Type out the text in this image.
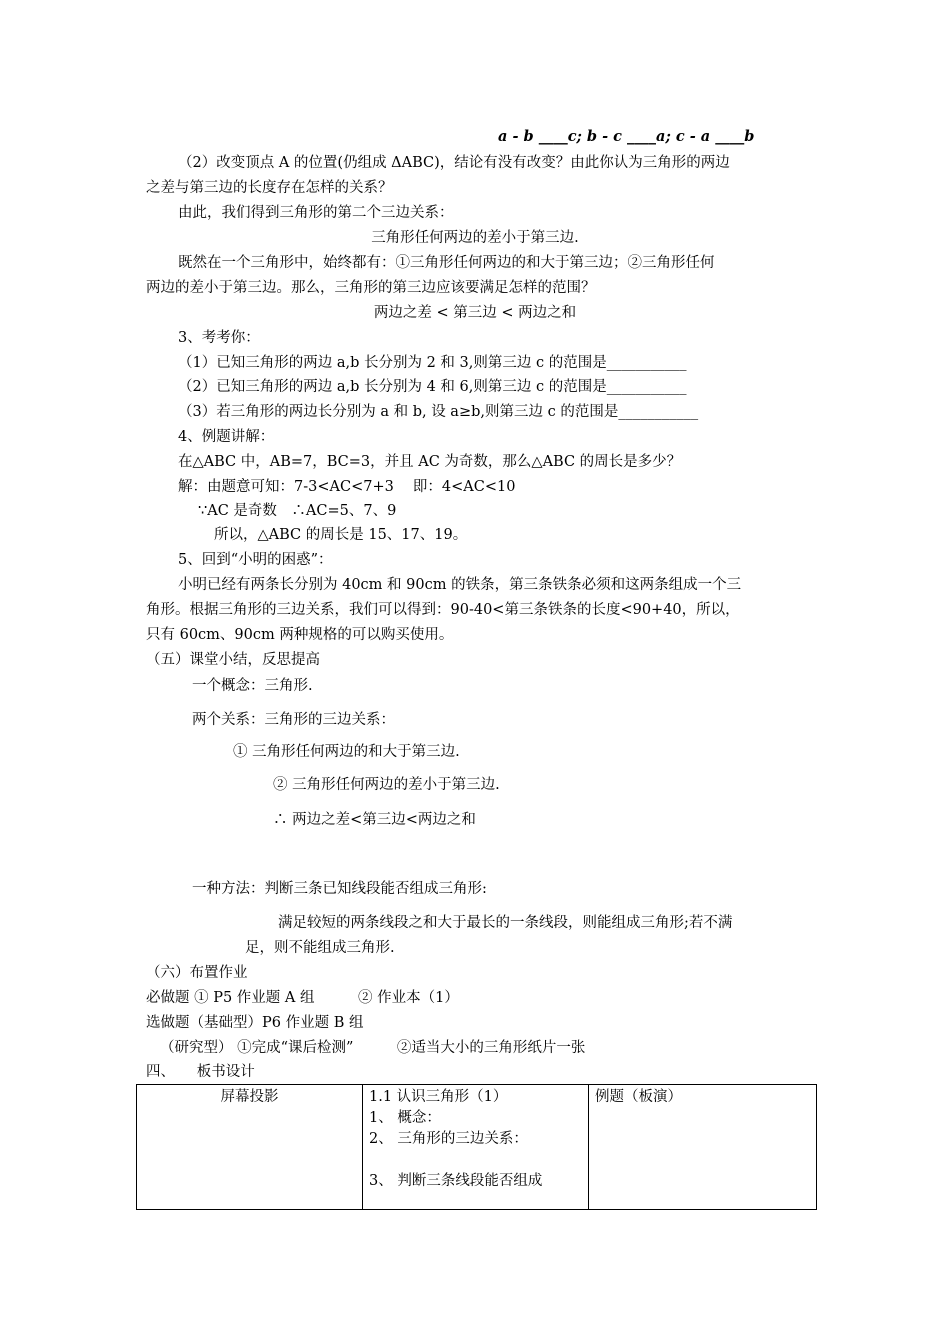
a - b ____c; b - c ____a; c - a ____b
（2）改变顶点 A 的位置(仍组成 ΔABC)，结论有没有改变？由此你认为三角形的两边
之差与第三边的长度存在怎样的关系？
由此，我们得到三角形的第二个三边关系：
三角形任何两边的差小于第三边.
既然在一个三角形中，始终都有：①三角形任何两边的和大于第三边；②三角形任何
两边的差小于第三边。那么，三角形的第三边应该要满足怎样的范围？
两边之差 < 第三边 < 两边之和
3、考考你：
（1）已知三角形的两边 a,b 长分别为 2 和 3,则第三边 c 的范围是___________
（2）已知三角形的两边 a,b 长分别为 4 和 6,则第三边 c 的范围是___________
（3）若三角形的两边长分别为 a 和 b, 设 a≥b,则第三边 c 的范围是___________
4、例题讲解：
在△ABC 中，AB=7，BC=3，并且 AC 为奇数，那么△ABC 的周长是多少？
解：由题意可知：7-3<AC<7+3　 即：4<AC<10
∵AC 是奇数　∴AC=5、7、9
所以，△ABC 的周长是 15、17、19。
5、回到“小明的困惑”：
小明已经有两条长分别为 40cm 和 90cm 的铁条，第三条铁条必须和这两条组成一个三
角形。根据三角形的三边关系，我们可以得到：90-40<第三条铁条的长度<90+40，所以，
只有 60cm、90cm 两种规格的可以购买使用。
（五）课堂小结，反思提高
一个概念：三角形.
两个关系：三角形的三边关系：
① 三角形任何两边的和大于第三边.
② 三角形任何两边的差小于第三边.
∴ 两边之差<第三边<两边之和
一种方法：判断三条已知线段能否组成三角形:
满足较短的两条线段之和大于最长的一条线段，则能组成三角形;若不满
足，则不能组成三角形.
（六）布置作业
必做题 ① P5 作业题 A 组　　　② 作业本（1）
选做题（基础型）P6 作业题 B 组
（研究型） ①完成“课后检测”　　　②适当大小的三角形纸片一张
四、　　板书设计
屏幕投影	1.1 认识三角形（1）
1、 概念：
2、 三角形的三边关系：
3、 判断三条线段能否组成
	例题（板演）
